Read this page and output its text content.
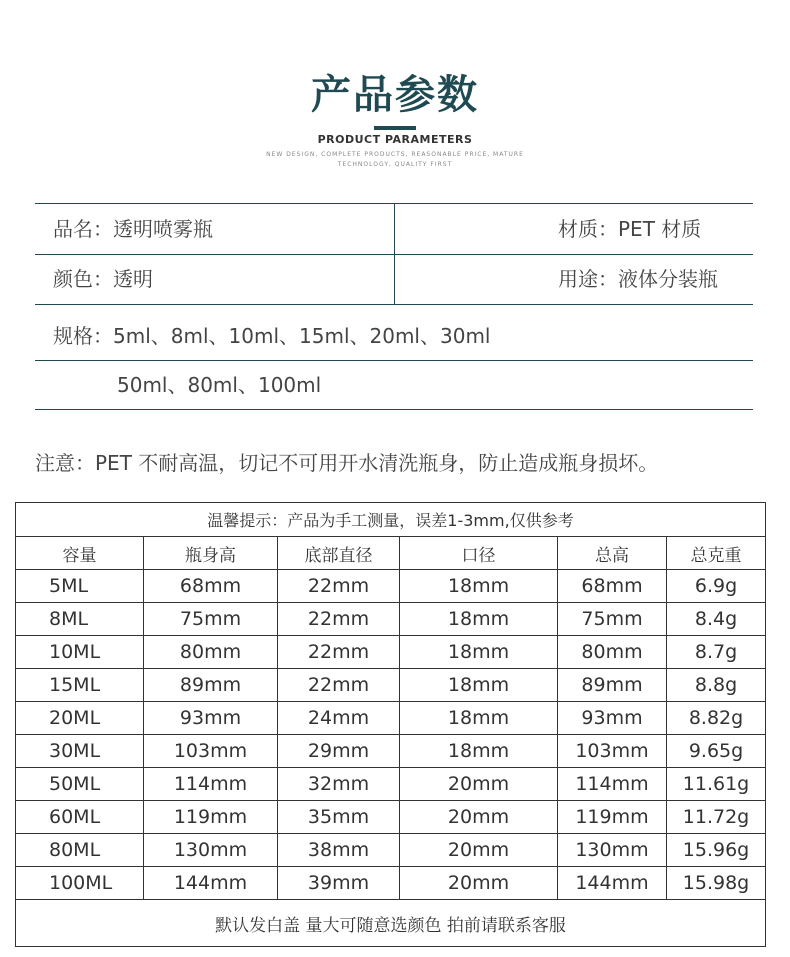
产品参数
PRODUCT PARAMETERS
NEW DESIGN, COMPLETE PRODUCTS, REASONABLE PRICE, MATURE TECHNOLOGY, QUALITY FIRST
品名：透明喷雾瓶	材质：PET 材质
颜色：透明	用途：液体分装瓶
规格：5ml、8ml、10ml、15ml、20ml、30ml
50ml、80ml、100ml
注意：PET 不耐高温，切记不可用开水清洗瓶身，防止造成瓶身损坏。
温馨提示：产品为手工测量，误差1-3mm,仅供参考					
容量	瓶身高	底部直径	口径	总高	总克重
5ML	68mm	22mm	18mm	68mm	6.9g
8ML	75mm	22mm	18mm	75mm	8.4g
10ML	80mm	22mm	18mm	80mm	8.7g
15ML	89mm	22mm	18mm	89mm	8.8g
20ML	93mm	24mm	18mm	93mm	8.82g
30ML	103mm	29mm	18mm	103mm	9.65g
50ML	114mm	32mm	20mm	114mm	11.61g
60ML	119mm	35mm	20mm	119mm	11.72g
80ML	130mm	38mm	20mm	130mm	15.96g
100ML	144mm	39mm	20mm	144mm	15.98g
默认发白盖 量大可随意选颜色 拍前请联系客服					
